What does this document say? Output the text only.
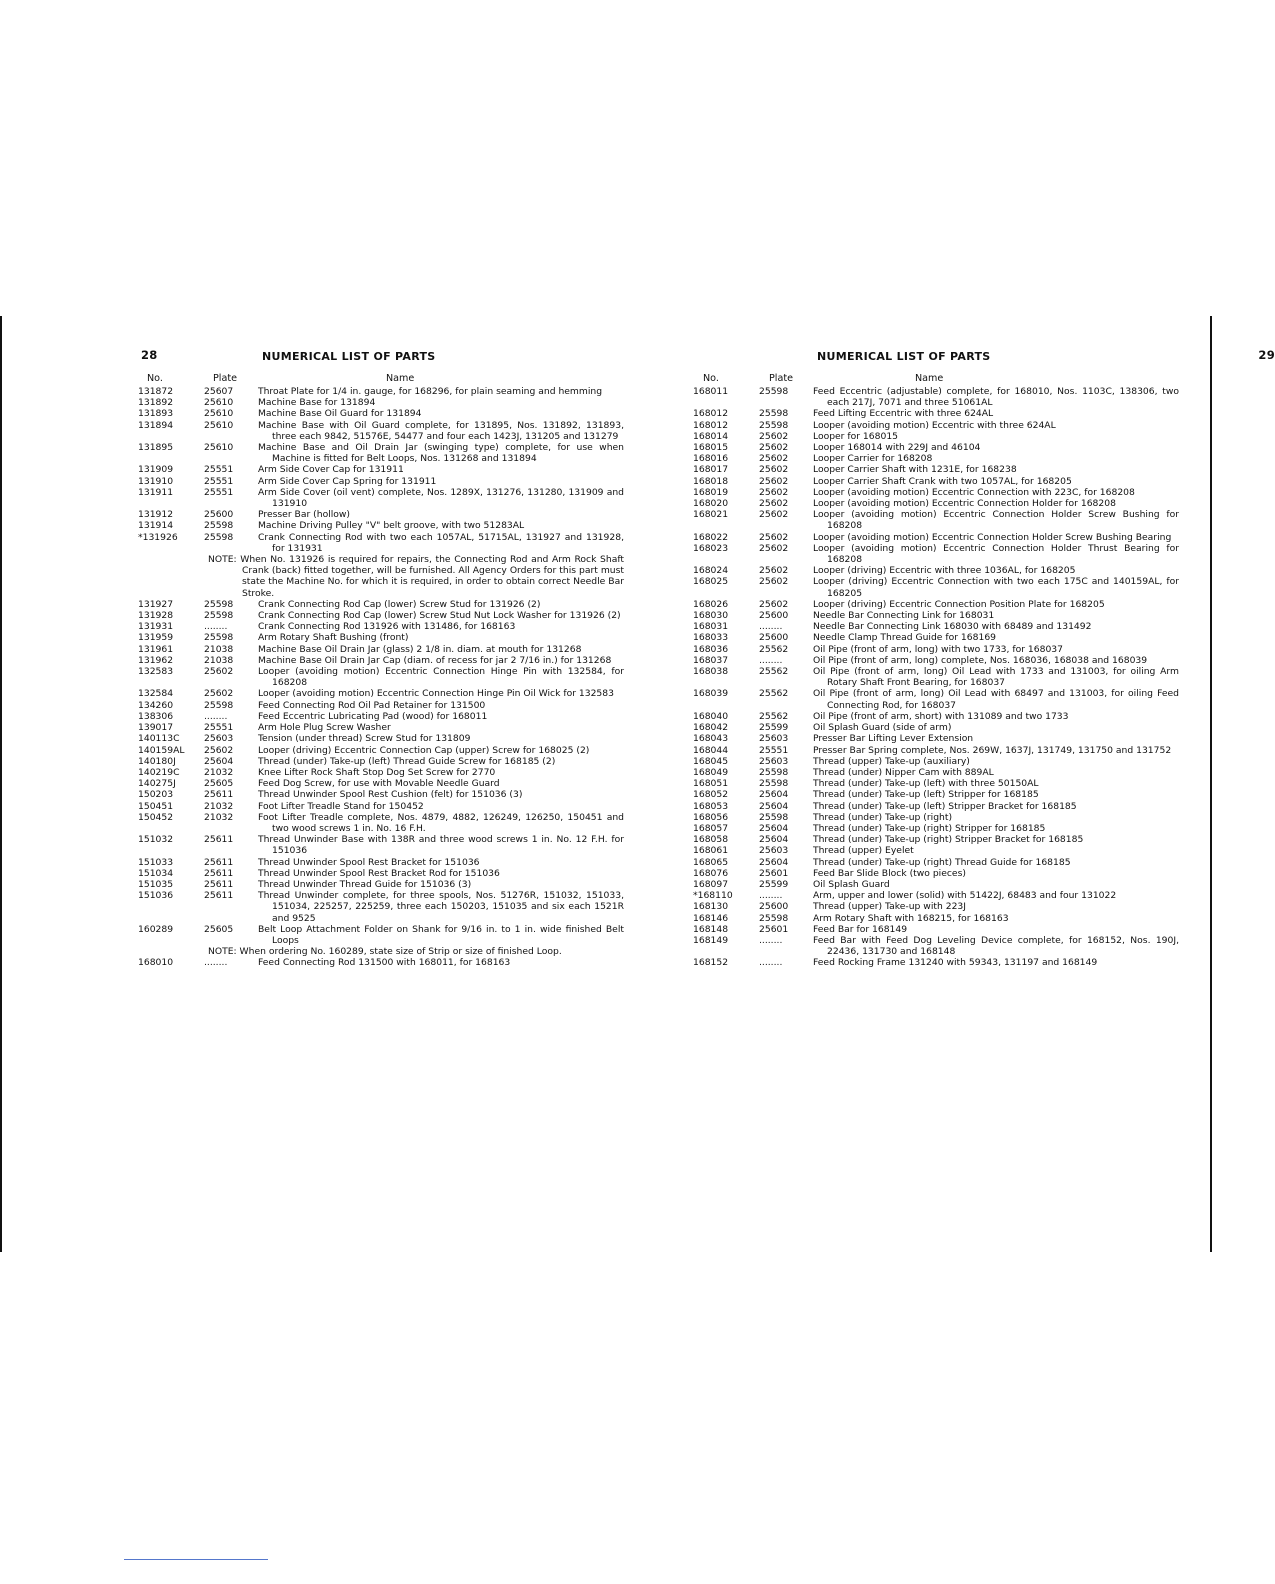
28	NUMERICAL LIST OF PARTS
No.	Plate	Name
131872	25607	Throat Plate for 1/4 in. gauge, for 168296, for plain seaming and hemming
131892	25610	Machine Base for 131894
131893	25610	Machine Base Oil Guard for 131894
131894	25610	Machine Base with Oil Guard complete, for 131895, Nos. 131892, 131893, three each 9842, 51576E, 54477 and four each 1423J, 131205 and 131279
131895	25610	Machine Base and Oil Drain Jar (swinging type) complete, for use when Machine is fitted for Belt Loops, Nos. 131268 and 131894
131909	25551	Arm Side Cover Cap for 131911
131910	25551	Arm Side Cover Cap Spring for 131911
131911	25551	Arm Side Cover (oil vent) complete, Nos. 1289X, 131276, 131280, 131909 and 131910
131912	25600	Presser Bar (hollow)
131914	25598	Machine Driving Pulley "V" belt groove, with two 51283AL
*131926	25598	Crank Connecting Rod with two each 1057AL, 51715AL, 131927 and 131928, for 131931
NOTE: When No. 131926 is required for repairs, the Connecting Rod and Arm Rock Shaft Crank (back) fitted together, will be furnished. All Agency Orders for this part must state the Machine No. for which it is required, in order to obtain correct Needle Bar Stroke.
131927	25598	Crank Connecting Rod Cap (lower) Screw Stud for 131926 (2)
131928	25598	Crank Connecting Rod Cap (lower) Screw Stud Nut Lock Washer for 131926 (2)
131931	........	Crank Connecting Rod 131926 with 131486, for 168163
131959	25598	Arm Rotary Shaft Bushing (front)
131961	21038	Machine Base Oil Drain Jar (glass) 2 1/8 in. diam. at mouth for 131268
131962	21038	Machine Base Oil Drain Jar Cap (diam. of recess for jar 2 7/16 in.) for 131268
132583	25602	Looper (avoiding motion) Eccentric Connection Hinge Pin with 132584, for 168208
132584	25602	Looper (avoiding motion) Eccentric Connection Hinge Pin Oil Wick for 132583
134260	25598	Feed Connecting Rod Oil Pad Retainer for 131500
138306	........	Feed Eccentric Lubricating Pad (wood) for 168011
139017	25551	Arm Hole Plug Screw Washer
140113C	25603	Tension (under thread) Screw Stud for 131809
140159AL	25602	Looper (driving) Eccentric Connection Cap (upper) Screw for 168025 (2)
140180J	25604	Thread (under) Take-up (left) Thread Guide Screw for 168185 (2)
140219C	21032	Knee Lifter Rock Shaft Stop Dog Set Screw for 2770
140275J	25605	Feed Dog Screw, for use with Movable Needle Guard
150203	25611	Thread Unwinder Spool Rest Cushion (felt) for 151036 (3)
150451	21032	Foot Lifter Treadle Stand for 150452
150452	21032	Foot Lifter Treadle complete, Nos. 4879, 4882, 126249, 126250, 150451 and two wood screws 1 in. No. 16 F.H.
151032	25611	Thread Unwinder Base with 138R and three wood screws 1 in. No. 12 F.H. for 151036
151033	25611	Thread Unwinder Spool Rest Bracket for 151036
151034	25611	Thread Unwinder Spool Rest Bracket Rod for 151036
151035	25611	Thread Unwinder Thread Guide for 151036 (3)
151036	25611	Thread Unwinder complete, for three spools, Nos. 51276R, 151032, 151033, 151034, 225257, 225259, three each 150203, 151035 and six each 1521R and 9525
160289	25605	Belt Loop Attachment Folder on Shank for 9/16 in. to 1 in. wide finished Belt Loops
NOTE: When ordering No. 160289, state size of Strip or size of finished Loop.
168010	........	Feed Connecting Rod 131500 with 168011, for 168163
NUMERICAL LIST OF PARTS	29
No.	Plate	Name
168011	25598	Feed Eccentric (adjustable) complete, for 168010, Nos. 1103C, 138306, two each 217J, 7071 and three 51061AL
168012	25598	Feed Lifting Eccentric with three 624AL
168012	25598	Looper (avoiding motion) Eccentric with three 624AL
168014	25602	Looper for 168015
168015	25602	Looper 168014 with 229J and 46104
168016	25602	Looper Carrier for 168208
168017	25602	Looper Carrier Shaft with 1231E, for 168238
168018	25602	Looper Carrier Shaft Crank with two 1057AL, for 168205
168019	25602	Looper (avoiding motion) Eccentric Connection with 223C, for 168208
168020	25602	Looper (avoiding motion) Eccentric Connection Holder for 168208
168021	25602	Looper (avoiding motion) Eccentric Connection Holder Screw Bushing for 168208
168022	25602	Looper (avoiding motion) Eccentric Connection Holder Screw Bushing Bearing
168023	25602	Looper (avoiding motion) Eccentric Connection Holder Thrust Bearing for 168208
168024	25602	Looper (driving) Eccentric with three 1036AL, for 168205
168025	25602	Looper (driving) Eccentric Connection with two each 175C and 140159AL, for 168205
168026	25602	Looper (driving) Eccentric Connection Position Plate for 168205
168030	25600	Needle Bar Connecting Link for 168031
168031	........	Needle Bar Connecting Link 168030 with 68489 and 131492
168033	25600	Needle Clamp Thread Guide for 168169
168036	25562	Oil Pipe (front of arm, long) with two 1733, for 168037
168037	........	Oil Pipe (front of arm, long) complete, Nos. 168036, 168038 and 168039
168038	25562	Oil Pipe (front of arm, long) Oil Lead with 1733 and 131003, for oiling Arm Rotary Shaft Front Bearing, for 168037
168039	25562	Oil Pipe (front of arm, long) Oil Lead with 68497 and 131003, for oiling Feed Connecting Rod, for 168037
168040	25562	Oil Pipe (front of arm, short) with 131089 and two 1733
168042	25599	Oil Splash Guard (side of arm)
168043	25603	Presser Bar Lifting Lever Extension
168044	25551	Presser Bar Spring complete, Nos. 269W, 1637J, 131749, 131750 and 131752
168045	25603	Thread (upper) Take-up (auxiliary)
168049	25598	Thread (under) Nipper Cam with 889AL
168051	25598	Thread (under) Take-up (left) with three 50150AL
168052	25604	Thread (under) Take-up (left) Stripper for 168185
168053	25604	Thread (under) Take-up (left) Stripper Bracket for 168185
168056	25598	Thread (under) Take-up (right)
168057	25604	Thread (under) Take-up (right) Stripper for 168185
168058	25604	Thread (under) Take-up (right) Stripper Bracket for 168185
168061	25603	Thread (upper) Eyelet
168065	25604	Thread (under) Take-up (right) Thread Guide for 168185
168076	25601	Feed Bar Slide Block (two pieces)
168097	25599	Oil Splash Guard
*168110	........	Arm, upper and lower (solid) with 51422J, 68483 and four 131022
168130	25600	Thread (upper) Take-up with 223J
168146	25598	Arm Rotary Shaft with 168215, for 168163
168148	25601	Feed Bar for 168149
168149	........	Feed Bar with Feed Dog Leveling Device complete, for 168152, Nos. 190J, 22436, 131730 and 168148
168152	........	Feed Rocking Frame 131240 with 59343, 131197 and 168149
